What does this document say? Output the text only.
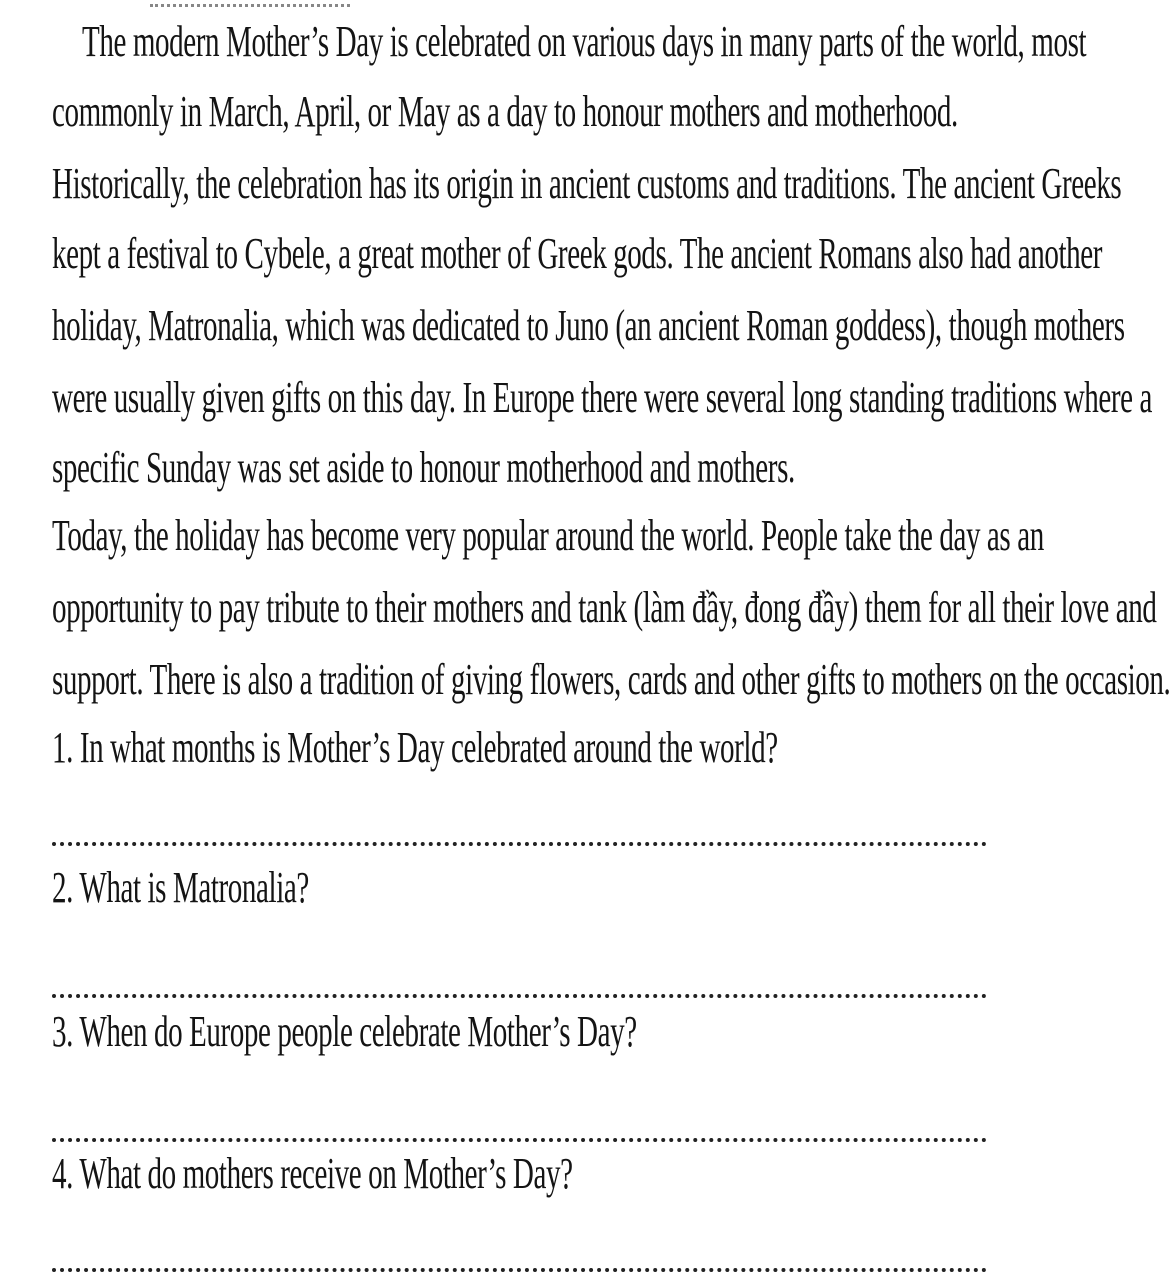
The modern Mother’s Day is celebrated on various days in many parts of the world, most
commonly in March, April, or May as a day to honour mothers and motherhood.
Historically, the celebration has its origin in ancient customs and traditions. The ancient Greeks
kept a festival to Cybele, a great mother of Greek gods. The ancient Romans also had another
holiday, Matronalia, which was dedicated to Juno (an ancient Roman goddess), though mothers
were usually given gifts on this day. In Europe there were several long standing traditions where a
specific Sunday was set aside to honour motherhood and mothers.
Today, the holiday has become very popular around the world. People take the day as an
opportunity to pay tribute to their mothers and tank (làm đầy, đong đầy) them for all their love and
support. There is also a tradition of giving flowers, cards and other gifts to mothers on the occasion.
1. In what months is Mother’s Day celebrated around the world?
2. What is Matronalia?
3. When do Europe people celebrate Mother’s Day?
4. What do mothers receive on Mother’s Day?
